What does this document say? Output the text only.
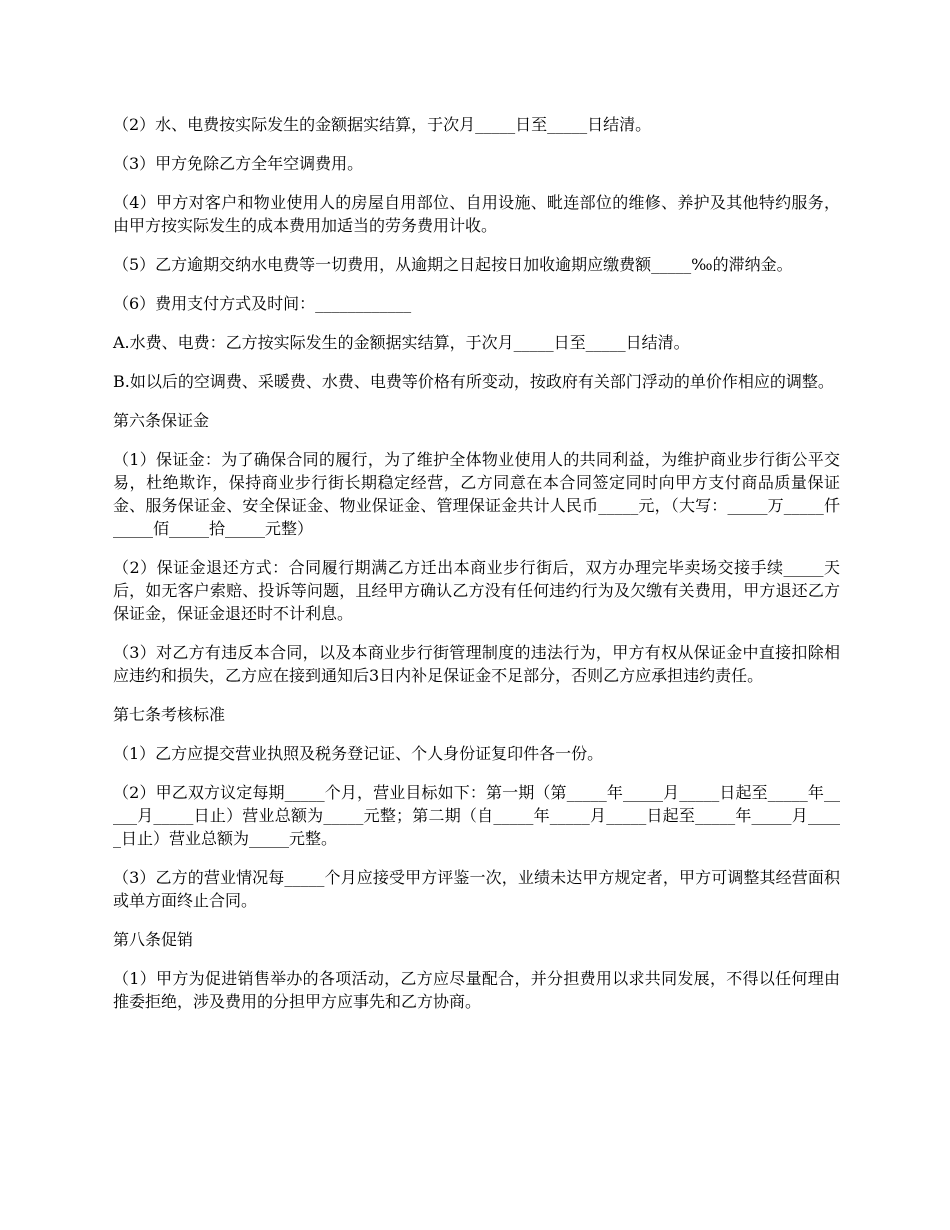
（2）水、电费按实际发生的金额据实结算，于次月_____日至_____日结清。

（3）甲方免除乙方全年空调费用。

（4）甲方对客户和物业使用人的房屋自用部位、自用设施、毗连部位的维修、养护及其他特约服务，由甲方按实际发生的成本费用加适当的劳务费用计收。

（5）乙方逾期交纳水电费等一切费用，从逾期之日起按日加收逾期应缴费额_____‰的滞纳金。

（6）费用支付方式及时间：____________

A.水费、电费：乙方按实际发生的金额据实结算，于次月_____日至_____日结清。

B.如以后的空调费、采暖费、水费、电费等价格有所变动，按政府有关部门浮动的单价作相应的调整。

第六条保证金

（1）保证金：为了确保合同的履行，为了维护全体物业使用人的共同利益，为维护商业步行街公平交易，杜绝欺诈，保持商业步行街长期稳定经营，乙方同意在本合同签定同时向甲方支付商品质量保证金、服务保证金、安全保证金、物业保证金、管理保证金共计人民币_____元，（大写：_____万_____仟_____佰_____拾_____元整）

（2）保证金退还方式：合同履行期满乙方迁出本商业步行街后，双方办理完毕卖场交接手续_____天后，如无客户索赔、投诉等问题，且经甲方确认乙方没有任何违约行为及欠缴有关费用，甲方退还乙方保证金，保证金退还时不计利息。

（3）对乙方有违反本合同，以及本商业步行街管理制度的违法行为，甲方有权从保证金中直接扣除相应违约和损失，乙方应在接到通知后3日内补足保证金不足部分，否则乙方应承担违约责任。

第七条考核标准

（1）乙方应提交营业执照及税务登记证、个人身份证复印件各一份。

（2）甲乙双方议定每期_____个月，营业目标如下：第一期（第_____年_____月_____日起至_____年_____月_____日止）营业总额为_____元整；第二期（自_____年_____月_____日起至_____年_____月_____日止）营业总额为_____元整。

（3）乙方的营业情况每_____个月应接受甲方评鉴一次，业绩未达甲方规定者，甲方可调整其经营面积或单方面终止合同。

第八条促销

（1）甲方为促进销售举办的各项活动，乙方应尽量配合，并分担费用以求共同发展，不得以任何理由推委拒绝，涉及费用的分担甲方应事先和乙方协商。
